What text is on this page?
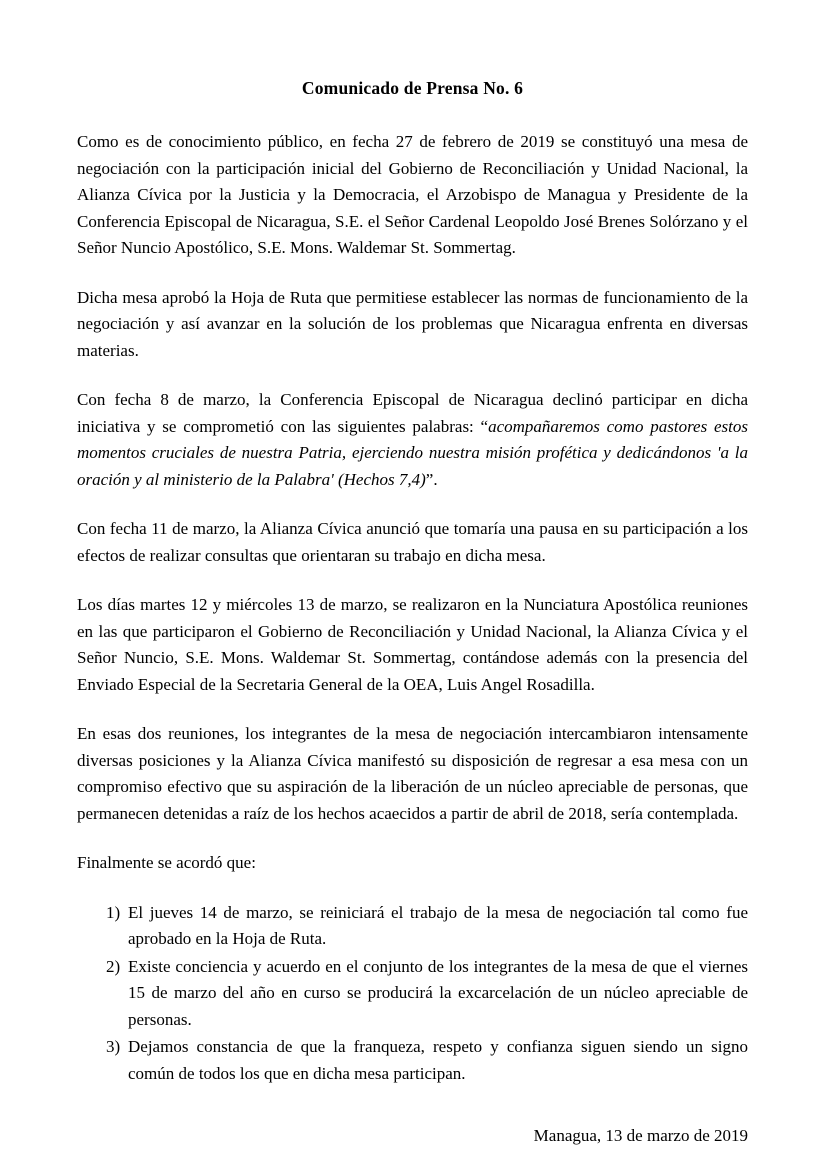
Comunicado de Prensa No. 6

Como es de conocimiento público, en fecha 27 de febrero de 2019 se constituyó una mesa de negociación con la participación inicial del Gobierno de Reconciliación y Unidad Nacional, la Alianza Cívica por la Justicia y la Democracia, el Arzobispo de Managua y Presidente de la Conferencia Episcopal de Nicaragua, S.E. el Señor Cardenal Leopoldo José Brenes Solórzano y el Señor Nuncio Apostólico, S.E. Mons. Waldemar St. Sommertag.

Dicha mesa aprobó la Hoja de Ruta que permitiese establecer las normas de funcionamiento de la negociación y así avanzar en la solución de los problemas que Nicaragua enfrenta en diversas materias.

Con fecha 8 de marzo, la Conferencia Episcopal de Nicaragua declinó participar en dicha iniciativa y se comprometió con las siguientes palabras: “acompañaremos como pastores estos momentos cruciales de nuestra Patria, ejerciendo nuestra misión profética y dedicándonos 'a la oración y al ministerio de la Palabra' (Hechos 7,4)”.

Con fecha 11 de marzo, la Alianza Cívica anunció que tomaría una pausa en su participación a los efectos de realizar consultas que orientaran su trabajo en dicha mesa.

Los días martes 12 y miércoles 13 de marzo, se realizaron en la Nunciatura Apostólica reuniones en las que participaron el Gobierno de Reconciliación y Unidad Nacional, la Alianza Cívica y el Señor Nuncio, S.E. Mons. Waldemar St. Sommertag, contándose además con la presencia del Enviado Especial de la Secretaria General de la OEA, Luis Angel Rosadilla.

En esas dos reuniones, los integrantes de la mesa de negociación intercambiaron intensamente diversas posiciones y la Alianza Cívica manifestó su disposición de regresar a esa mesa con un compromiso efectivo que su aspiración de la liberación de un núcleo apreciable de personas, que permanecen detenidas a raíz de los hechos acaecidos a partir de abril de 2018, sería contemplada.

Finalmente se acordó que:

1) El jueves 14 de marzo, se reiniciará el trabajo de la mesa de negociación tal como fue aprobado en la Hoja de Ruta.
2) Existe conciencia y acuerdo en el conjunto de los integrantes de la mesa de que el viernes 15 de marzo del año en curso se producirá la excarcelación de un núcleo apreciable de personas.
3) Dejamos constancia de que la franqueza, respeto y confianza siguen siendo un signo común de todos los que en dicha mesa participan.

Managua, 13 de marzo de 2019
